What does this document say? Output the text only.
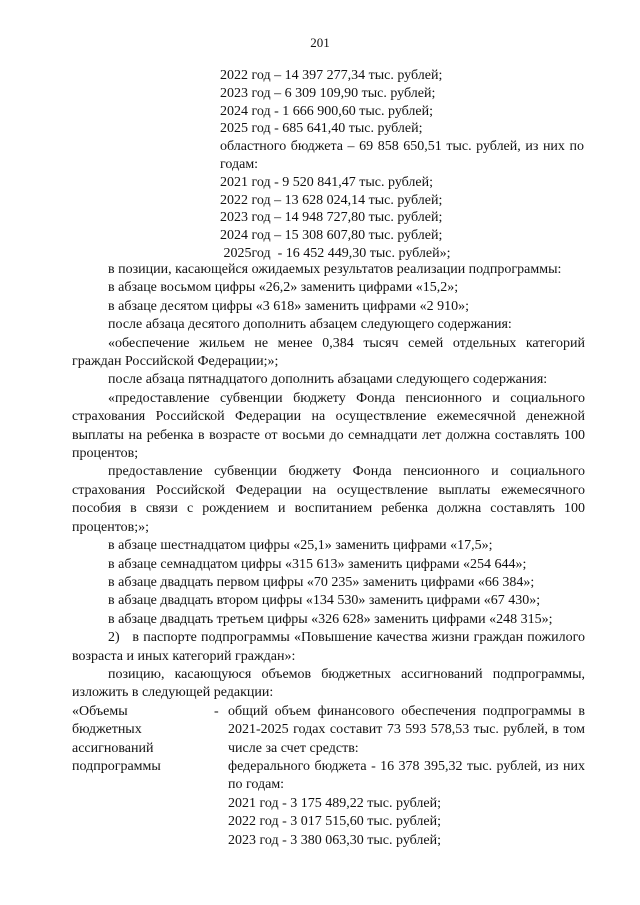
201
2022 год – 14 397 277,34 тыс. рублей;
2023 год – 6 309 109,90 тыс. рублей;
2024 год - 1 666 900,60 тыс. рублей;
2025 год - 685 641,40 тыс. рублей;
областного бюджета – 69 858 650,51 тыс. рублей, из них по годам:
2021 год - 9 520 841,47 тыс. рублей;
2022 год – 13 628 024,14 тыс. рублей;
2023 год – 14 948 727,80 тыс. рублей;
2024 год – 15 308 607,80 тыс. рублей;
2025год  - 16 452 449,30 тыс. рублей»;

в позиции, касающейся ожидаемых результатов реализации подпрограммы:

в абзаце восьмом цифры «26,2» заменить цифрами «15,2»;

в абзаце десятом цифры «3 618» заменить цифрами «2 910»;

после абзаца десятого дополнить абзацем следующего содержания:

«обеспечение жильем не менее 0,384 тысяч семей отдельных категорий граждан Российской Федерации;»;

после абзаца пятнадцатого дополнить абзацами следующего содержания:

«предоставление субвенции бюджету Фонда пенсионного и социального страхования Российской Федерации на осуществление ежемесячной денежной выплаты на ребенка в возрасте от восьми до семнадцати лет должна составлять 100 процентов;

предоставление субвенции бюджету Фонда пенсионного и социального страхования Российской Федерации на осуществление выплаты ежемесячного пособия в связи с рождением и воспитанием ребенка должна составлять 100 процентов;»;

в абзаце шестнадцатом цифры «25,1» заменить цифрами «17,5»;

в абзаце семнадцатом цифры «315 613» заменить цифрами «254 644»;

в абзаце двадцать первом цифры «70 235» заменить цифрами «66 384»;

в абзаце двадцать втором цифры «134 530» заменить цифрами «67 430»;

в абзаце двадцать третьем цифры «326 628» заменить цифрами «248 315»;

2)   в паспорте подпрограммы «Повышение качества жизни граждан пожилого возраста и иных категорий граждан»:

позицию, касающуюся объемов бюджетных ассигнований подпрограммы, изложить в следующей редакции:

«Объемы
бюджетных
ассигнований
подпрограммы
- общий объем финансового обеспечения подпрограммы в 2021-2025 годах составит 73 593 578,53 тыс. рублей, в том числе за счет средств:
федерального бюджета - 16 378 395,32 тыс. рублей, из них по годам:
2021 год - 3 175 489,22 тыс. рублей;
2022 год - 3 017 515,60 тыс. рублей;
2023 год - 3 380 063,30 тыс. рублей;
